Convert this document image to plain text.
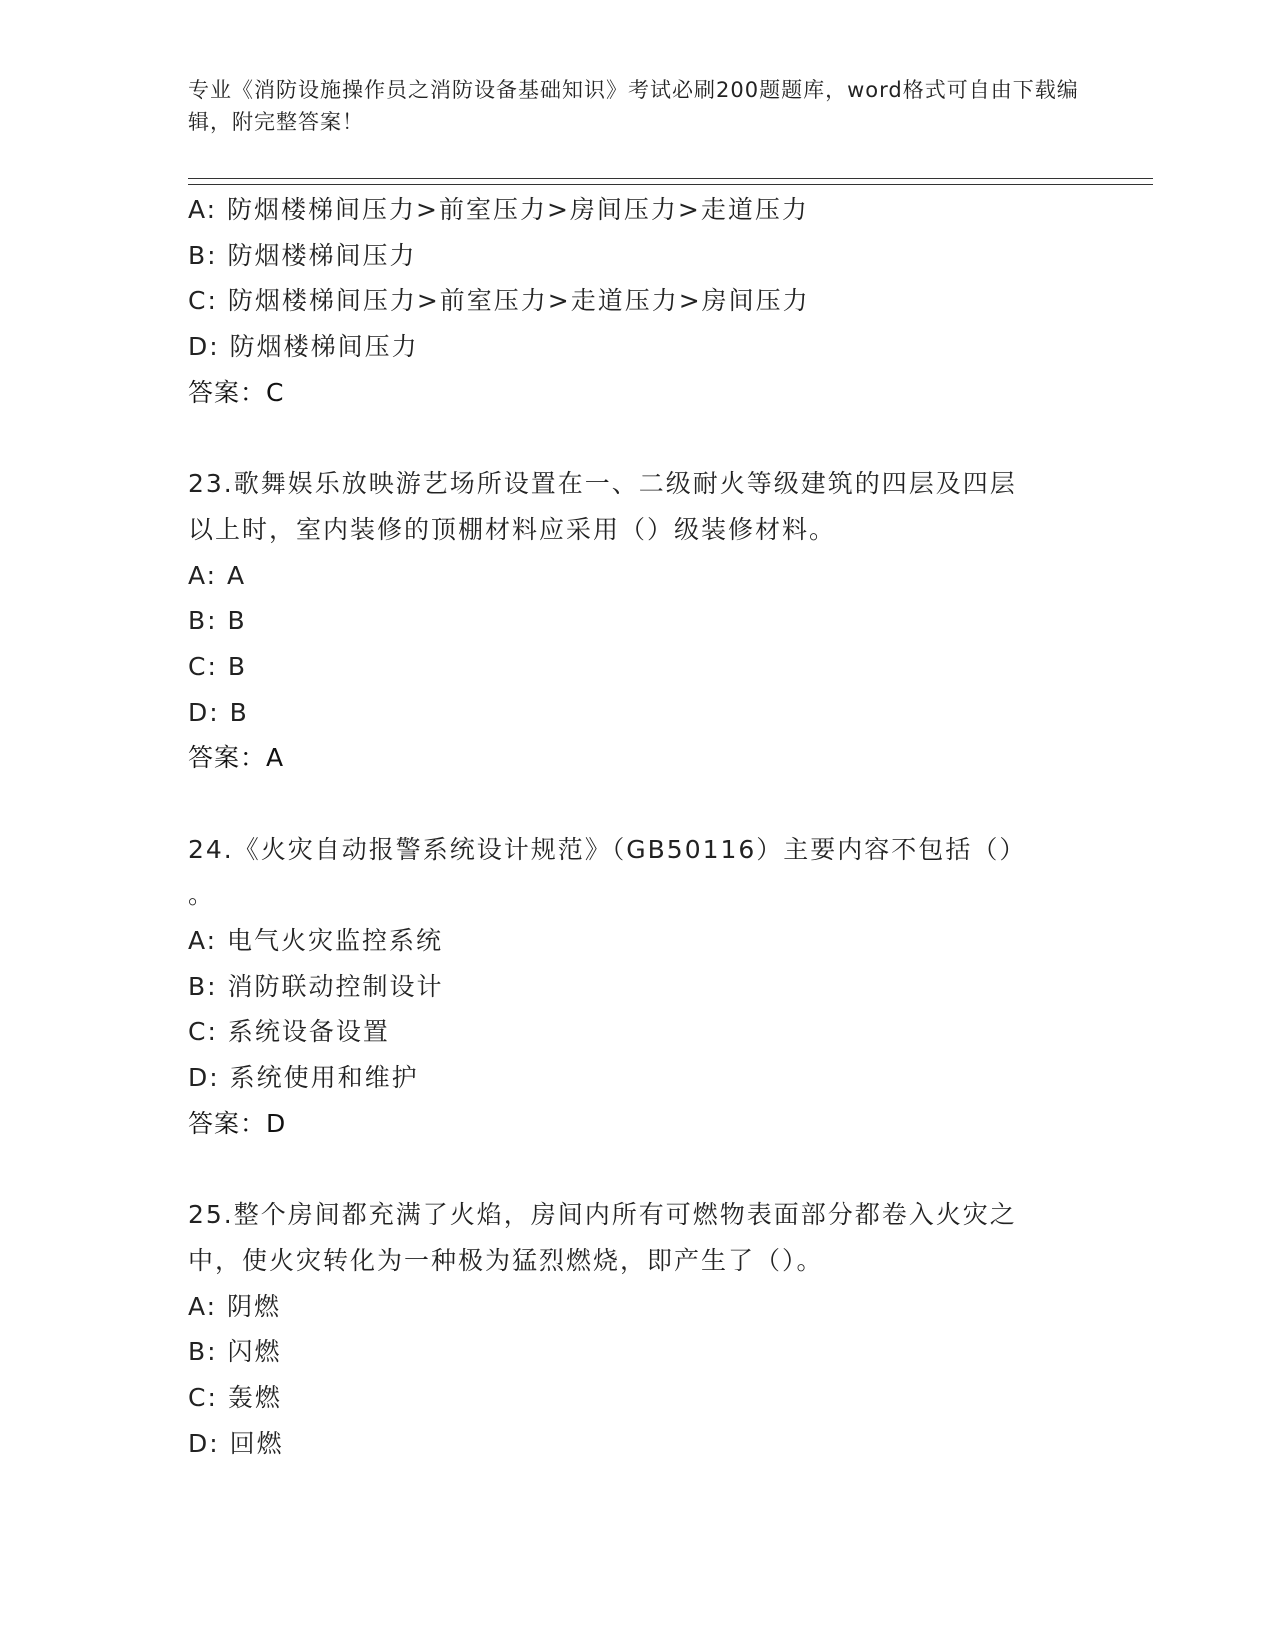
专业《消防设施操作员之消防设备基础知识》考试必刷200题题库，word格式可自由下载编辑，附完整答案！
A: 防烟楼梯间压力>前室压力>房间压力>走道压力
B: 防烟楼梯间压力
C: 防烟楼梯间压力>前室压力>走道压力>房间压力
D: 防烟楼梯间压力
答案：C
23.歌舞娱乐放映游艺场所设置在一、二级耐火等级建筑的四层及四层
以上时，室内装修的顶棚材料应采用（）级装修材料。
A: A
B: B
C: B
D: B
答案：A
24.《火灾自动报警系统设计规范》（GB50116）主要内容不包括（）
。
A: 电气火灾监控系统
B: 消防联动控制设计
C: 系统设备设置
D: 系统使用和维护
答案：D
25.整个房间都充满了火焰，房间内所有可燃物表面部分都卷入火灾之
中，使火灾转化为一种极为猛烈燃烧，即产生了（）。
A: 阴燃
B: 闪燃
C: 轰燃
D: 回燃
